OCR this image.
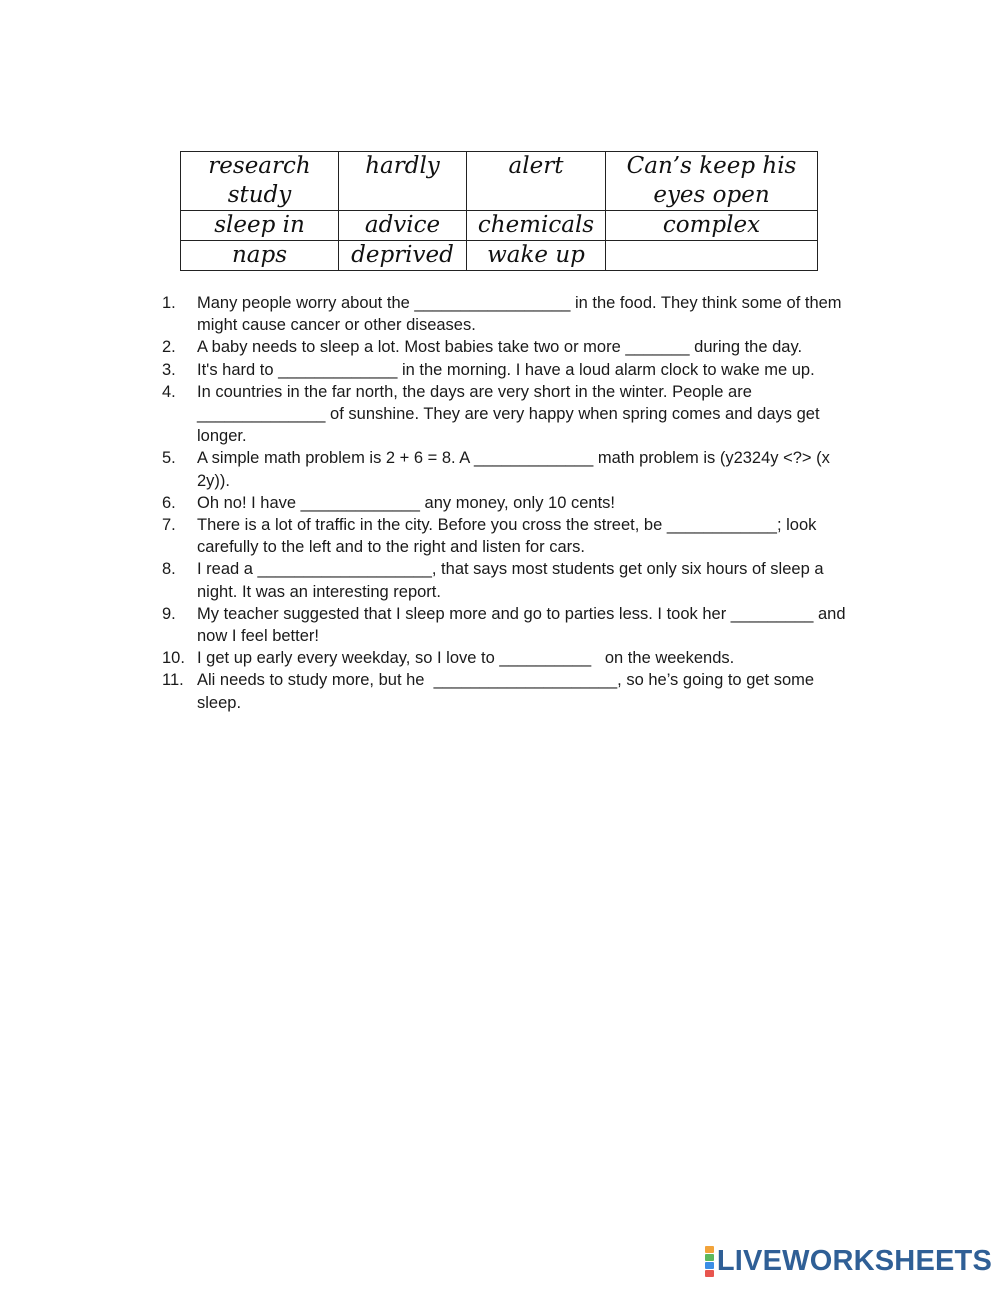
research study	hardly	alert	Can’s keep his eyes open
sleep in	advice	chemicals	complex
naps	deprived	wake up	
1.	Many people worry about the _________________ in the food. They think some of them might cause cancer or other diseases.
2.	A baby needs to sleep a lot. Most babies take two or more _______ during the day.
3.	It's hard to _____________ in the morning. I have a loud alarm clock to wake me up.
4.	In countries in the far north, the days are very short in the winter. People are ______________ of sunshine. They are very happy when spring comes and days get longer.
5.	A simple math problem is 2 + 6 = 8. A _____________ math problem is (y2324y <?> (x 2y)).
6.	Oh no! I have _____________ any money, only 10 cents!
7.	There is a lot of traffic in the city. Before you cross the street, be ____________; look carefully to the left and to the right and listen for cars.
8.	I read a ___________________, that says most students get only six hours of sleep a night. It was an interesting report.
9.	My teacher suggested that I sleep more and go to parties less. I took her _________ and now I feel better!
10. I get up early every weekday, so I love to __________   on the weekends.
11. Ali needs to study more, but he  ____________________, so he’s going to get some sleep.
LIVEWORKSHEETS
